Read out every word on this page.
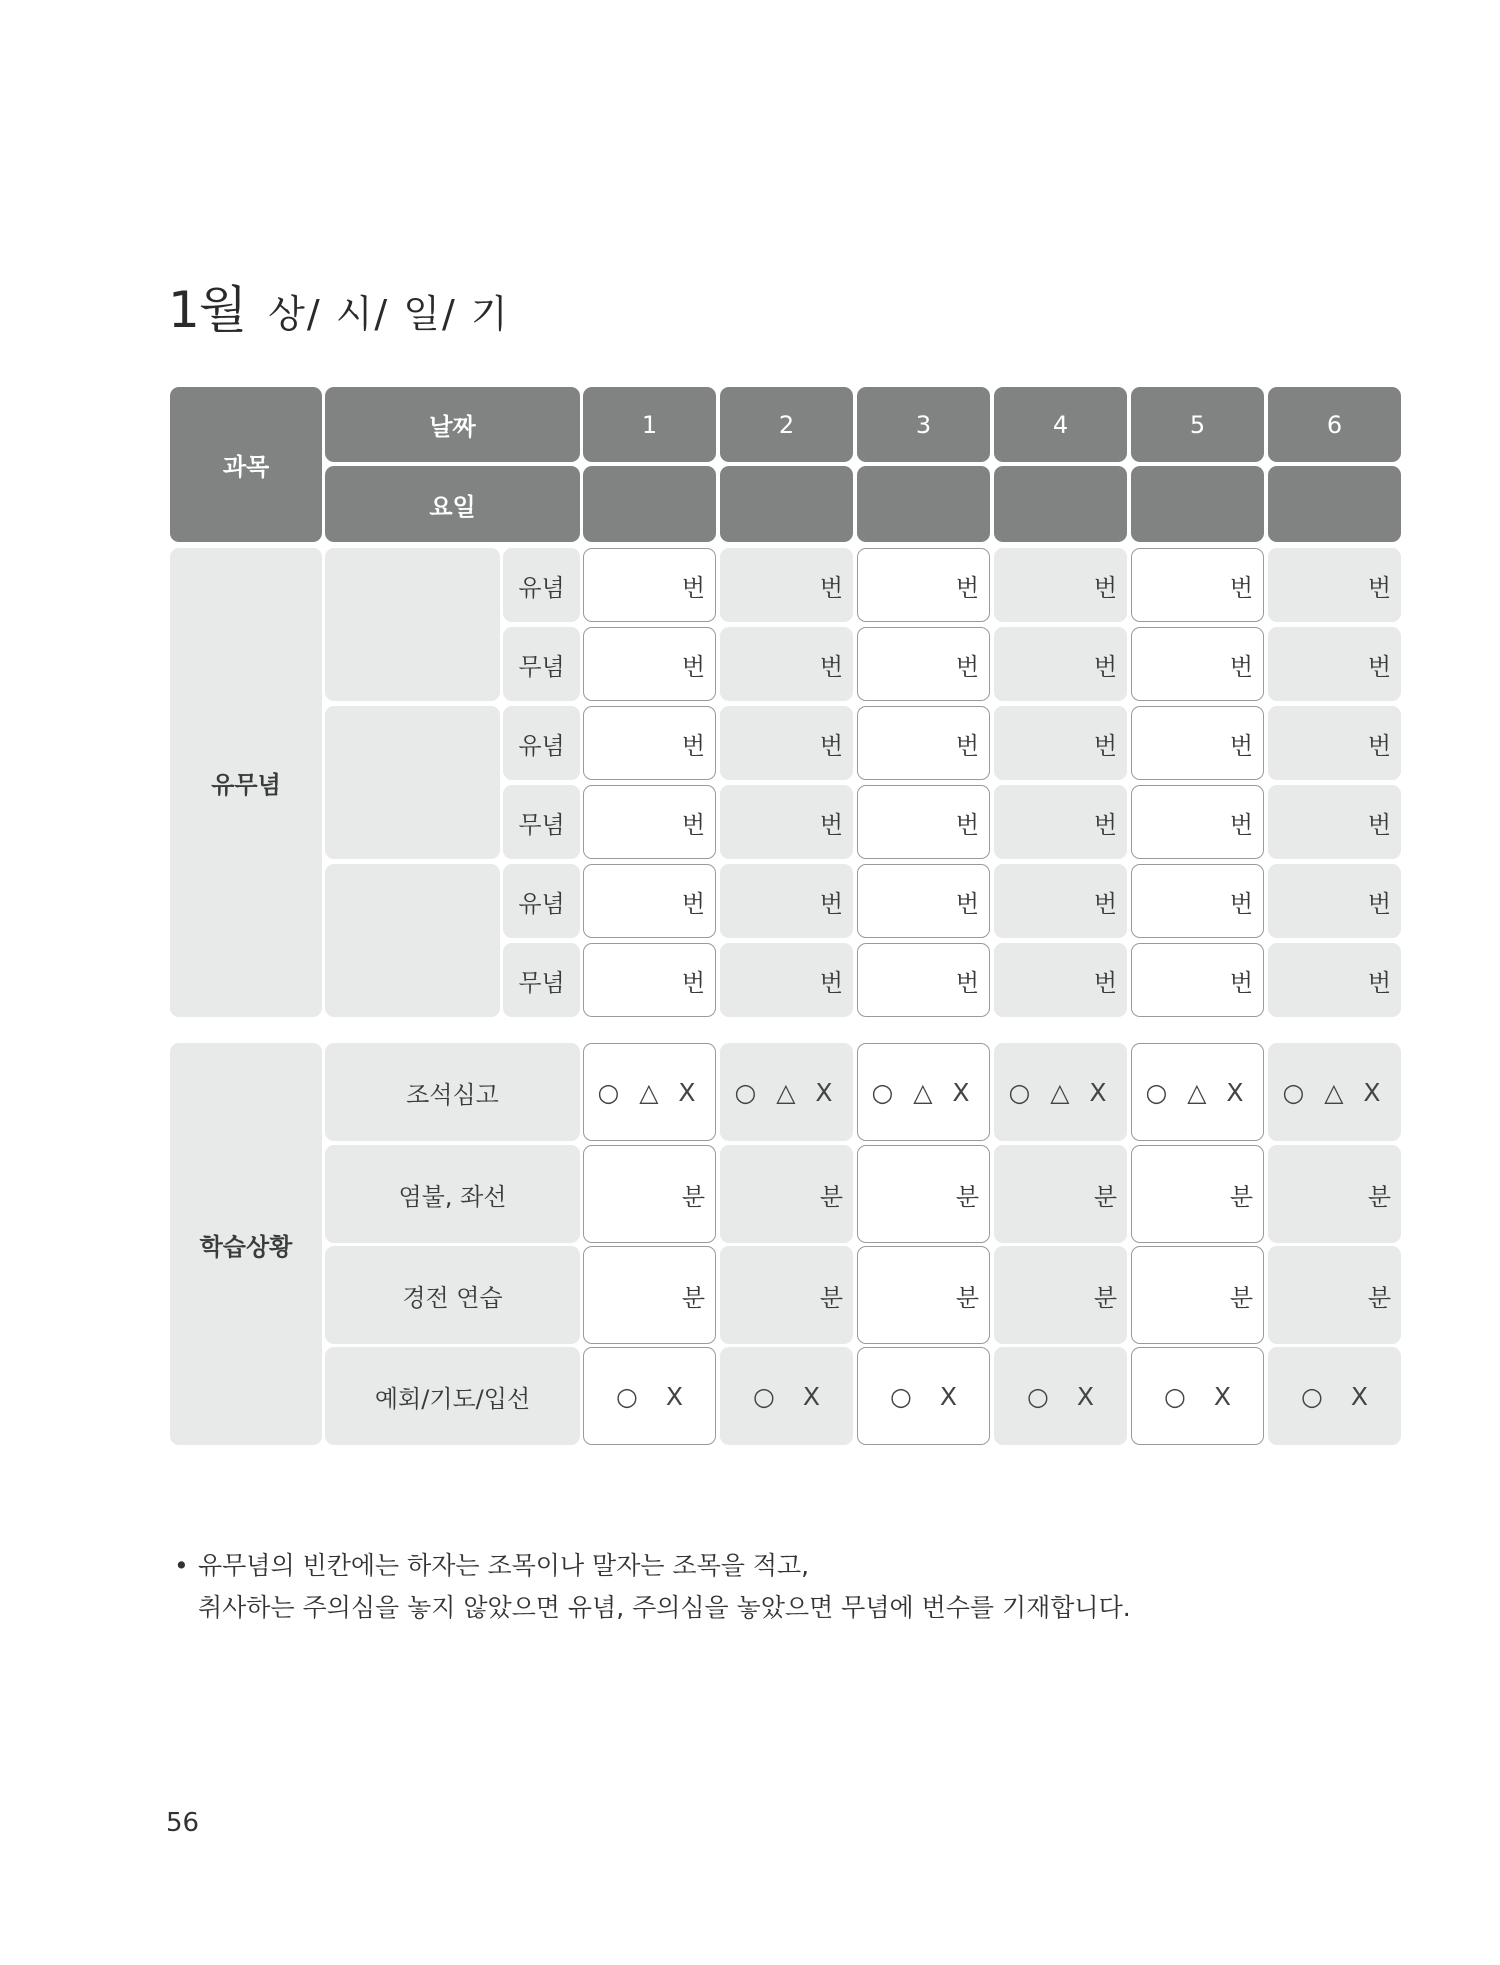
1월 상/ 시/ 일/ 기
과목
날짜
요일
1	2	3	4	5	6
유무념
유념	번	번	번	번	번	번
무념	번	번	번	번	번	번
유념	번	번	번	번	번	번
무념	번	번	번	번	번	번
유념	번	번	번	번	번	번
무념	번	번	번	번	번	번
학습상황
조석심고	○ △ X	○ △ X	○ △ X	○ △ X	○ △ X	○ △ X
염불, 좌선	분	분	분	분	분	분
경전 연습	분	분	분	분	분	분
예회/기도/입선	○ X	○ X	○ X	○ X	○ X	○ X
• 유무념의 빈칸에는 하자는 조목이나 말자는 조목을 적고,
취사하는 주의심을 놓지 않았으면 유념, 주의심을 놓았으면 무념에 번수를 기재합니다.
56
